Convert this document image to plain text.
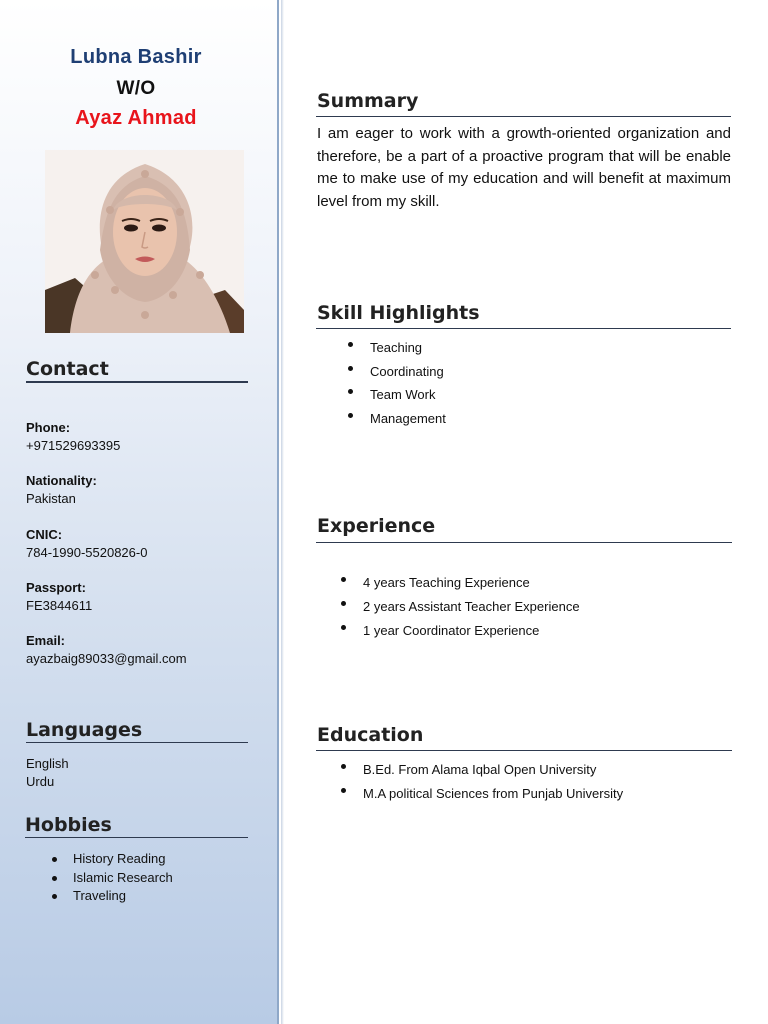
Lubna Bashir
W/O
Ayaz Ahmad
Contact
Phone:
+971529693395
Nationality:
Pakistan
CNIC:
784-1990-5520826-0
Passport:
FE3844611
Email:
ayazbaig89033@gmail.com
Languages
English
Urdu
Hobbies
History Reading
Islamic Research
Traveling
Summary

I am eager to work with a growth-oriented organization and therefore, be a part of a proactive program that will be enable me to make use of my education and will benefit at maximum level from my skill.

Skill Highlights
Teaching
Coordinating
Team Work
Management
Experience
4 years Teaching Experience
2 years Assistant Teacher Experience
1 year Coordinator Experience
Education
B.Ed. From Alama Iqbal Open University
M.A political Sciences from Punjab University
